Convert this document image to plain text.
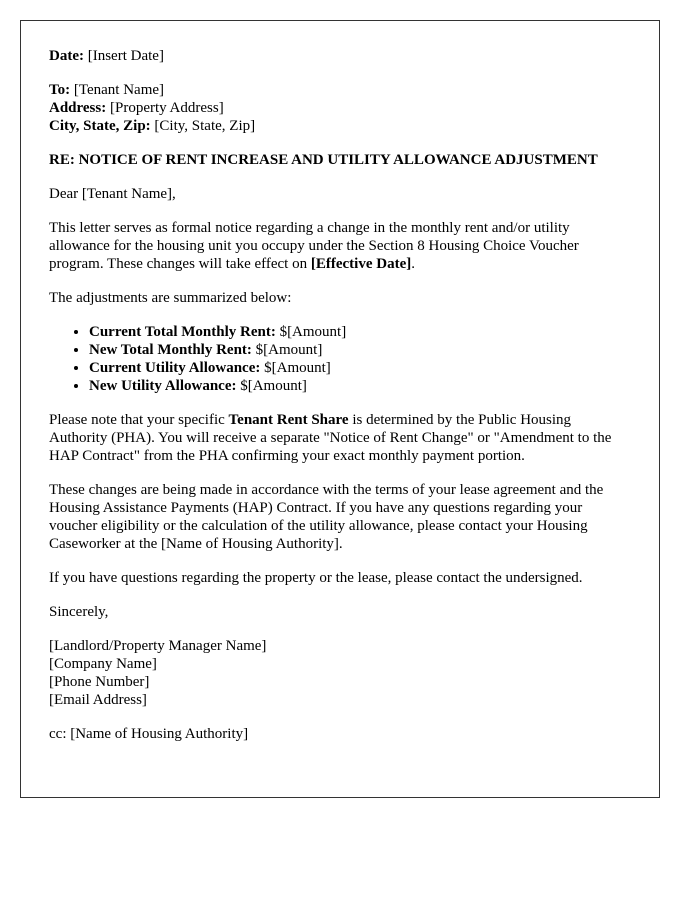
Date: [Insert Date]

To: [Tenant Name]

Address: [Property Address]

City, State, Zip: [City, State, Zip]

RE: NOTICE OF RENT INCREASE AND UTILITY ALLOWANCE ADJUSTMENT

Dear [Tenant Name],

This letter serves as formal notice regarding a change in the monthly rent and/or utility allowance for the housing unit you occupy under the Section 8 Housing Choice Voucher program. These changes will take effect on [Effective Date].

The adjustments are summarized below:

• Current Total Monthly Rent: $[Amount]
• New Total Monthly Rent: $[Amount]
• Current Utility Allowance: $[Amount]
• New Utility Allowance: $[Amount]

Please note that your specific Tenant Rent Share is determined by the Public Housing Authority (PHA). You will receive a separate "Notice of Rent Change" or "Amendment to the HAP Contract" from the PHA confirming your exact monthly payment portion.

These changes are being made in accordance with the terms of your lease agreement and the Housing Assistance Payments (HAP) Contract. If you have any questions regarding your voucher eligibility or the calculation of the utility allowance, please contact your Housing Caseworker at the [Name of Housing Authority].

If you have questions regarding the property or the lease, please contact the undersigned.

Sincerely,

[Landlord/Property Manager Name]

[Company Name]

[Phone Number]

[Email Address]

cc: [Name of Housing Authority]
